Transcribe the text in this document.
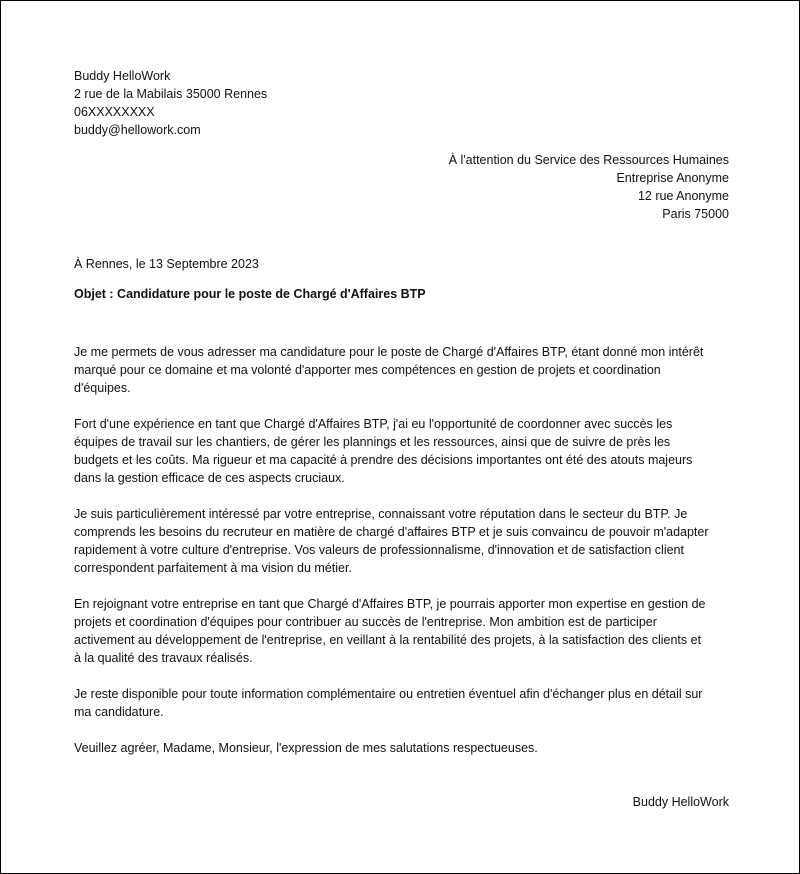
Buddy HelloWork
2 rue de la Mabilais 35000 Rennes
06XXXXXXXX
buddy@hellowork.com
À l'attention du Service des Ressources Humaines
Entreprise Anonyme
12 rue Anonyme
Paris 75000
À Rennes, le 13 Septembre 2023
Objet : Candidature pour le poste de Chargé d'Affaires BTP

Je me permets de vous adresser ma candidature pour le poste de Chargé d'Affaires BTP, étant donné mon intérêt
marqué pour ce domaine et ma volonté d'apporter mes compétences en gestion de projets et coordination
d'équipes.

Fort d'une expérience en tant que Chargé d'Affaires BTP, j'ai eu l'opportunité de coordonner avec succès les
équipes de travail sur les chantiers, de gérer les plannings et les ressources, ainsi que de suivre de près les
budgets et les coûts. Ma rigueur et ma capacité à prendre des décisions importantes ont été des atouts majeurs
dans la gestion efficace de ces aspects cruciaux.

Je suis particulièrement intéressé par votre entreprise, connaissant votre réputation dans le secteur du BTP. Je
comprends les besoins du recruteur en matière de chargé d'affaires BTP et je suis convaincu de pouvoir m'adapter
rapidement à votre culture d'entreprise. Vos valeurs de professionnalisme, d'innovation et de satisfaction client
correspondent parfaitement à ma vision du métier.

En rejoignant votre entreprise en tant que Chargé d'Affaires BTP, je pourrais apporter mon expertise en gestion de
projets et coordination d'équipes pour contribuer au succès de l'entreprise. Mon ambition est de participer
activement au développement de l'entreprise, en veillant à la rentabilité des projets, à la satisfaction des clients et
à la qualité des travaux réalisés.

Je reste disponible pour toute information complémentaire ou entretien éventuel afin d'échanger plus en détail sur
ma candidature.

Veuillez agréer, Madame, Monsieur, l'expression de mes salutations respectueuses.

Buddy HelloWork
